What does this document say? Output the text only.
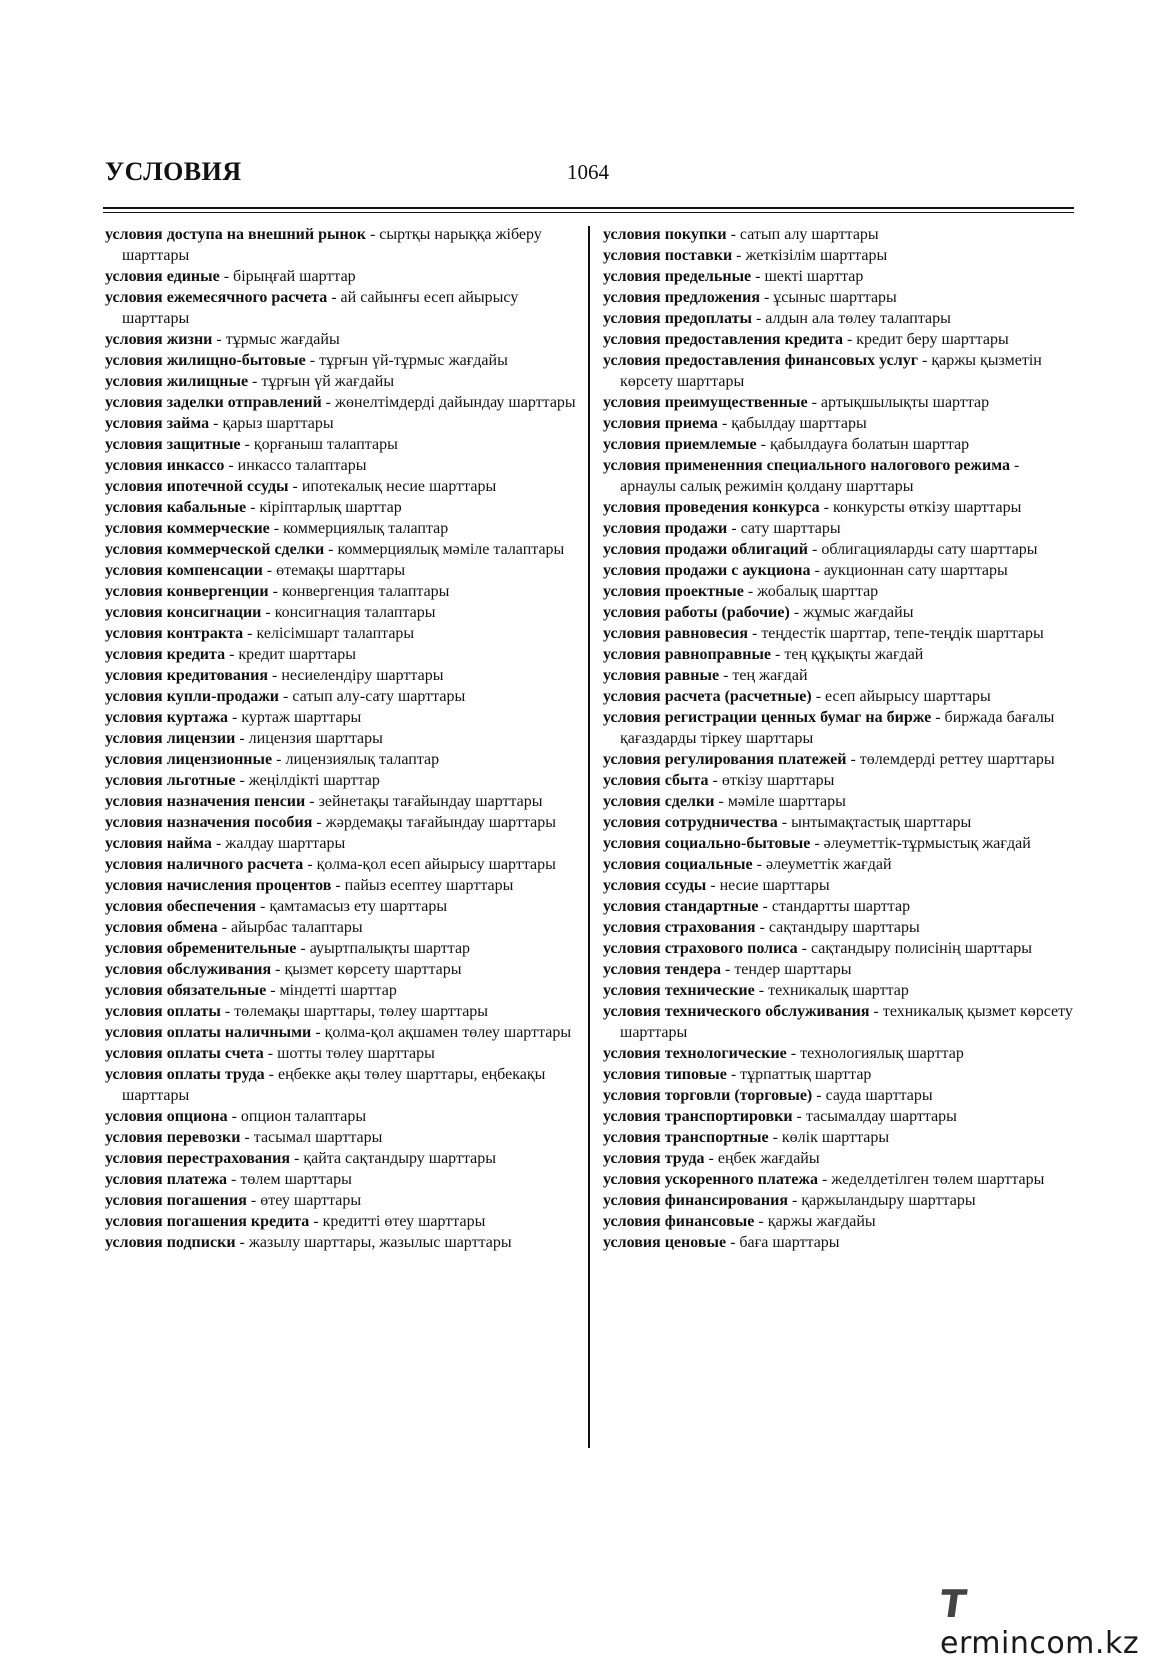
УСЛОВИЯ	1064
условия доступа на внешний рынок - сыртқы нарыққа жіберу шарттары
условия единые - бірыңғай шарттар
условия ежемесячного расчета - ай сайынғы есеп айырысу шарттары
условия жизни - тұрмыс жағдайы
условия жилищно-бытовые - тұрғын үй-тұрмыс жағдайы
условия жилищные - тұрғын үй жағдайы
условия заделки отправлений - жөнелтімдерді дайындау шарттары
условия займа - қарыз шарттары
условия защитные - қорғаныш талаптары
условия инкассо - инкассо талаптары
условия ипотечной ссуды - ипотекалық несие шарттары
условия кабальные - кіріптарлық шарттар
условия коммерческие - коммерциялық талаптар
условия коммерческой сделки - коммерциялық мәміле талаптары
условия компенсации - өтемақы шарттары
условия конвергенции - конвергенция талаптары
условия консигнации - консигнация талаптары
условия контракта - келісімшарт талаптары
условия кредита - кредит шарттары
условия кредитования - несиелендіру шарттары
условия купли-продажи - сатып алу-сату шарттары
условия куртажа - куртаж шарттары
условия лицензии - лицензия шарттары
условия лицензионные - лицензиялық талаптар
условия льготные - жеңілдікті шарттар
условия назначения пенсии - зейнетақы тағайындау шарттары
условия назначения пособия - жәрдемақы тағайындау шарттары
условия найма - жалдау шарттары
условия наличного расчета - қолма-қол есеп айырысу шарттары
условия начисления процентов - пайыз есептеу шарттары
условия обеспечения - қамтамасыз ету шарттары
условия обмена - айырбас талаптары
условия обременительные - ауыртпалықты шарттар
условия обслуживания - қызмет көрсету шарттары
условия обязательные - міндетті шарттар
условия оплаты - төлемақы шарттары, төлеу шарттары
условия оплаты наличными - қолма-қол ақшамен төлеу шарттары
условия оплаты счета - шотты төлеу шарттары
условия оплаты труда - еңбекке ақы төлеу шарттары, еңбекақы шарттары
условия опциона - опцион талаптары
условия перевозки - тасымал шарттары
условия перестрахования - қайта сақтандыру шарттары
условия платежа - төлем шарттары
условия погашения - өтеу шарттары
условия погашения кредита - кредитті өтеу шарттары
условия подписки - жазылу шарттары, жазылыс шарттары
условия покупки - сатып алу шарттары
условия поставки - жеткізілім шарттары
условия предельные - шекті шарттар
условия предложения - ұсыныс шарттары
условия предоплаты - алдын ала төлеу талаптары
условия предоставления кредита - кредит беру шарттары
условия предоставления финансовых услуг - қаржы қызметін көрсету шарттары
условия преимущественные - артықшылықты шарттар
условия приема - қабылдау шарттары
условия приемлемые - қабылдауға болатын шарттар
условия примененния специального налогового режима - арнаулы салық режимін қолдану шарттары
условия проведения конкурса - конкурсты өткізу шарттары
условия продажи - сату шарттары
условия продажи облигаций - облигацияларды сату шарттары
условия продажи с аукциона - аукционнан сату шарттары
условия проектные - жобалық шарттар
условия работы (рабочие) - жұмыс жағдайы
условия равновесия - теңдестік шарттар, тепе-теңдік шарттары
условия равноправные - тең құқықты жағдай
условия равные - тең жағдай
условия расчета (расчетные) - есеп айырысу шарттары
условия регистрации ценных бумаг на бирже - биржада бағалы қағаздарды тіркеу шарттары
условия регулирования платежей - төлемдерді реттеу шарттары
условия сбыта - өткізу шарттары
условия сделки - мәміле шарттары
условия сотрудничества - ынтымақтастық шарттары
условия социально-бытовые - әлеуметтік-тұрмыстық жағдай
условия социальные - әлеуметтік жағдай
условия ссуды - несие шарттары
условия стандартные - стандартты шарттар
условия страхования - сақтандыру шарттары
условия страхового полиса - сақтандыру полисінің шарттары
условия тендера - тендер шарттары
условия технические - техникалық шарттар
условия технического обслуживания - техникалық қызмет көрсету шарттары
условия технологические - технологиялық шарттар
условия типовые - тұрпаттық шарттар
условия торговли (торговые) - сауда шарттары
условия транспортировки - тасымалдау шарттары
условия транспортные - көлік шарттары
условия труда - еңбек жағдайы
условия ускоренного платежа - жеделдетілген төлем шарттары
условия финансирования - қаржыландыру шарттары
условия финансовые - қаржы жағдайы
условия ценовые - баға шарттары
Termincom.kz
